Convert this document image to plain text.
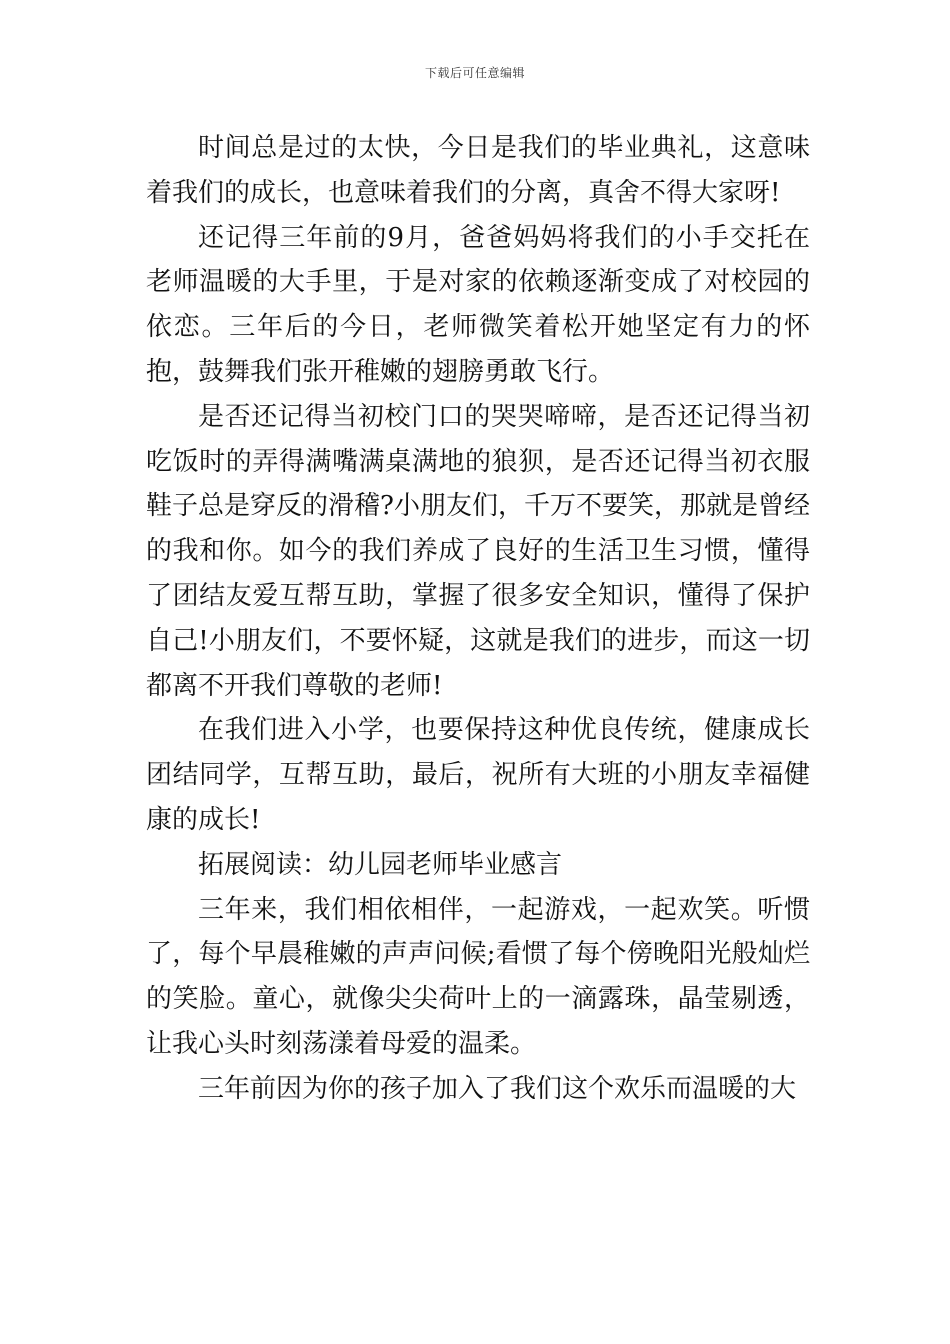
下载后可任意编辑

时间总是过的太快，今日是我们的毕业典礼，这意味着我们的成长，也意味着我们的分离，真舍不得大家呀!

还记得三年前的9月，爸爸妈妈将我们的小手交托在老师温暖的大手里，于是对家的依赖逐渐变成了对校园的依恋。三年后的今日，老师微笑着松开她坚定有力的怀抱，鼓舞我们张开稚嫩的翅膀勇敢飞行。

是否还记得当初校门口的哭哭啼啼，是否还记得当初吃饭时的弄得满嘴满桌满地的狼狈，是否还记得当初衣服鞋子总是穿反的滑稽?小朋友们，千万不要笑，那就是曾经的我和你。如今的我们养成了良好的生活卫生习惯，懂得了团结友爱互帮互助，掌握了很多安全知识，懂得了保护自己!小朋友们，不要怀疑，这就是我们的进步，而这一切都离不开我们尊敬的老师!

在我们进入小学，也要保持这种优良传统，健康成长团结同学，互帮互助，最后，祝所有大班的小朋友幸福健康的成长!

拓展阅读：幼儿园老师毕业感言

三年来，我们相依相伴，一起游戏，一起欢笑。听惯了，每个早晨稚嫩的声声问候;看惯了每个傍晚阳光般灿烂的笑脸。童心，就像尖尖荷叶上的一滴露珠，晶莹剔透，让我心头时刻荡漾着母爱的温柔。

三年前因为你的孩子加入了我们这个欢乐而温暖的大
